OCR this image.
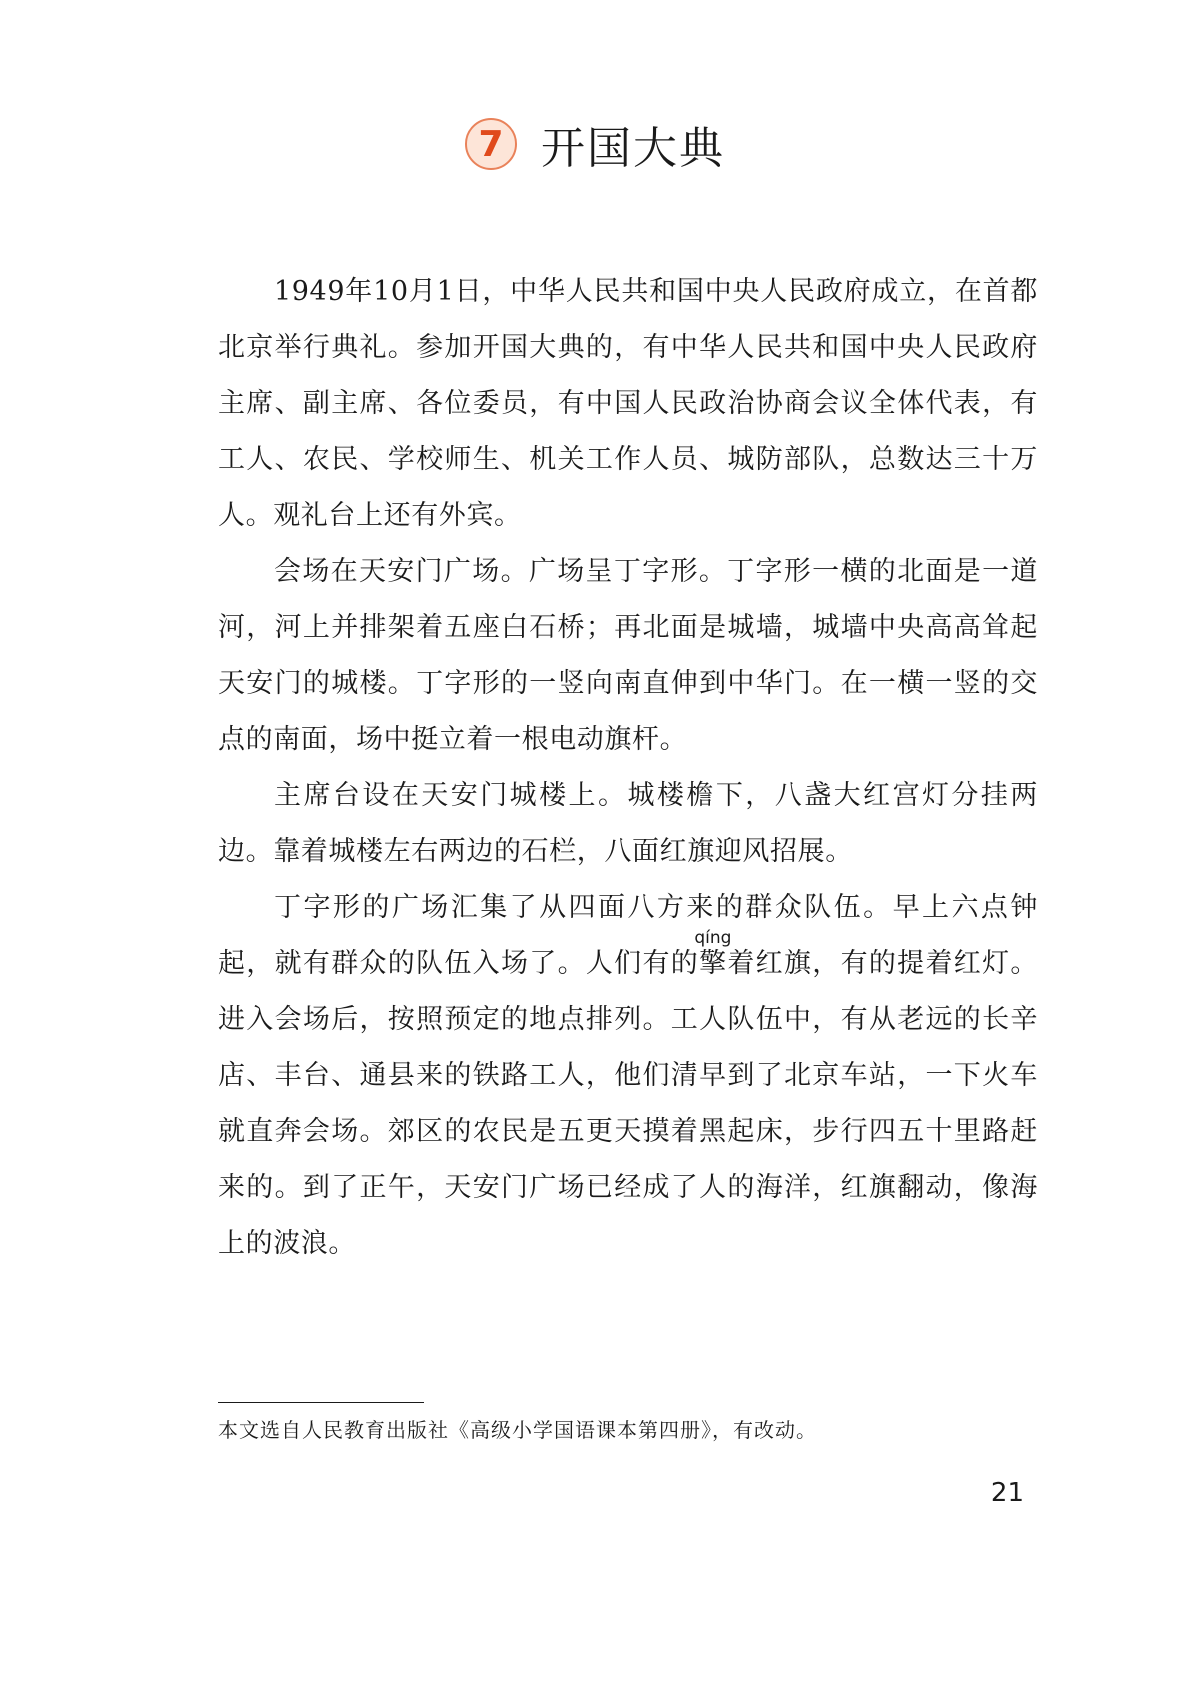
7 开国大典

1949年10月1日，中华人民共和国中央人民政府成立，在首都北京举行典礼。参加开国大典的，有中华人民共和国中央人民政府主席、副主席、各位委员，有中国人民政治协商会议全体代表，有工人、农民、学校师生、机关工作人员、城防部队，总数达三十万人。观礼台上还有外宾。

会场在天安门广场。广场呈丁字形。丁字形一横的北面是一道河，河上并排架着五座白石桥；再北面是城墙，城墙中央高高耸起天安门的城楼。丁字形的一竖向南直伸到中华门。在一横一竖的交点的南面，场中挺立着一根电动旗杆。

主席台设在天安门城楼上。城楼檐下，八盏大红宫灯分挂两边。靠着城楼左右两边的石栏，八面红旗迎风招展。

丁字形的广场汇集了从四面八方来的群众队伍。早上六点钟起，就有群众的队伍入场了。人们有的擎qíng着红旗，有的提着红灯。进入会场后，按照预定的地点排列。工人队伍中，有从老远的长辛店、丰台、通县来的铁路工人，他们清早到了北京车站，一下火车就直奔会场。郊区的农民是五更天摸着黑起床，步行四五十里路赶来的。到了正午，天安门广场已经成了人的海洋，红旗翻动，像海上的波浪。

本文选自人民教育出版社《高级小学国语课本第四册》，有改动。
21
